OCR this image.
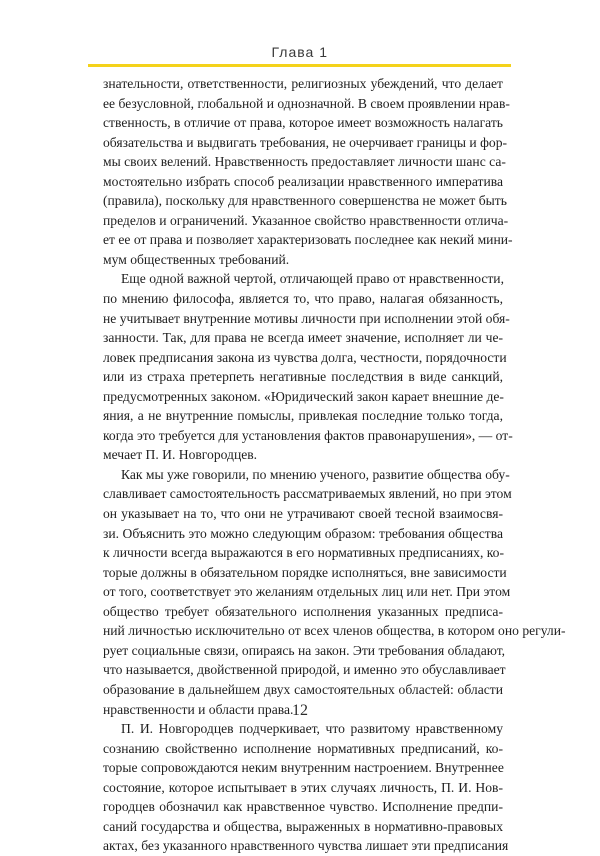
Глава 1
знательности, ответственности, религиозных убеждений, что делает
ее безусловной, глобальной и однозначной. В своем проявлении нрав-
ственность, в отличие от права, которое имеет возможность налагать
обязательства и выдвигать требования, не очерчивает границы и фор-
мы своих велений. Нравственность предоставляет личности шанс са-
мостоятельно избрать способ реализации нравственного императива
(правила), поскольку для нравственного совершенства не может быть
пределов и ограничений. Указанное свойство нравственности отлича-
ет ее от права и позволяет характеризовать последнее как некий мини-
мум общественных требований.
Еще одной важной чертой, отличающей право от нравственности,
по мнению философа, является то, что право, налагая обязанность,
не учитывает внутренние мотивы личности при исполнении этой обя-
занности. Так, для права не всегда имеет значение, исполняет ли че-
ловек предписания закона из чувства долга, честности, порядочности
или из страха претерпеть негативные последствия в виде санкций,
предусмотренных законом. «Юридический закон карает внешние де-
яния, а не внутренние помыслы, привлекая последние только тогда,
когда это требуется для установления фактов правонарушения», — от-
мечает П. И. Новгородцев.
Как мы уже говорили, по мнению ученого, развитие общества обу-
славливает самостоятельность рассматриваемых явлений, но при этом
он указывает на то, что они не утрачивают своей тесной взаимосвя-
зи. Объяснить это можно следующим образом: требования общества
к личности всегда выражаются в его нормативных предписаниях, ко-
торые должны в обязательном порядке исполняться, вне зависимости
от того, соответствует это желаниям отдельных лиц или нет. При этом
общество требует обязательного исполнения указанных предписа-
ний личностью исключительно от всех членов общества, в котором оно регули-
рует социальные связи, опираясь на закон. Эти требования обладают,
что называется, двойственной природой, и именно это обуславливает
образование в дальнейшем двух самостоятельных областей: области
нравственности и области права.
П. И. Новгородцев подчеркивает, что развитому нравственному
сознанию свойственно исполнение нормативных предписаний, ко-
торые сопровождаются неким внутренним настроением. Внутреннее
состояние, которое испытывает в этих случаях личность, П. И. Нов-
городцев обозначил как нравственное чувство. Исполнение предпи-
саний государства и общества, выраженных в нормативно-правовых
актах, без указанного нравственного чувства лишает эти предписания
12
